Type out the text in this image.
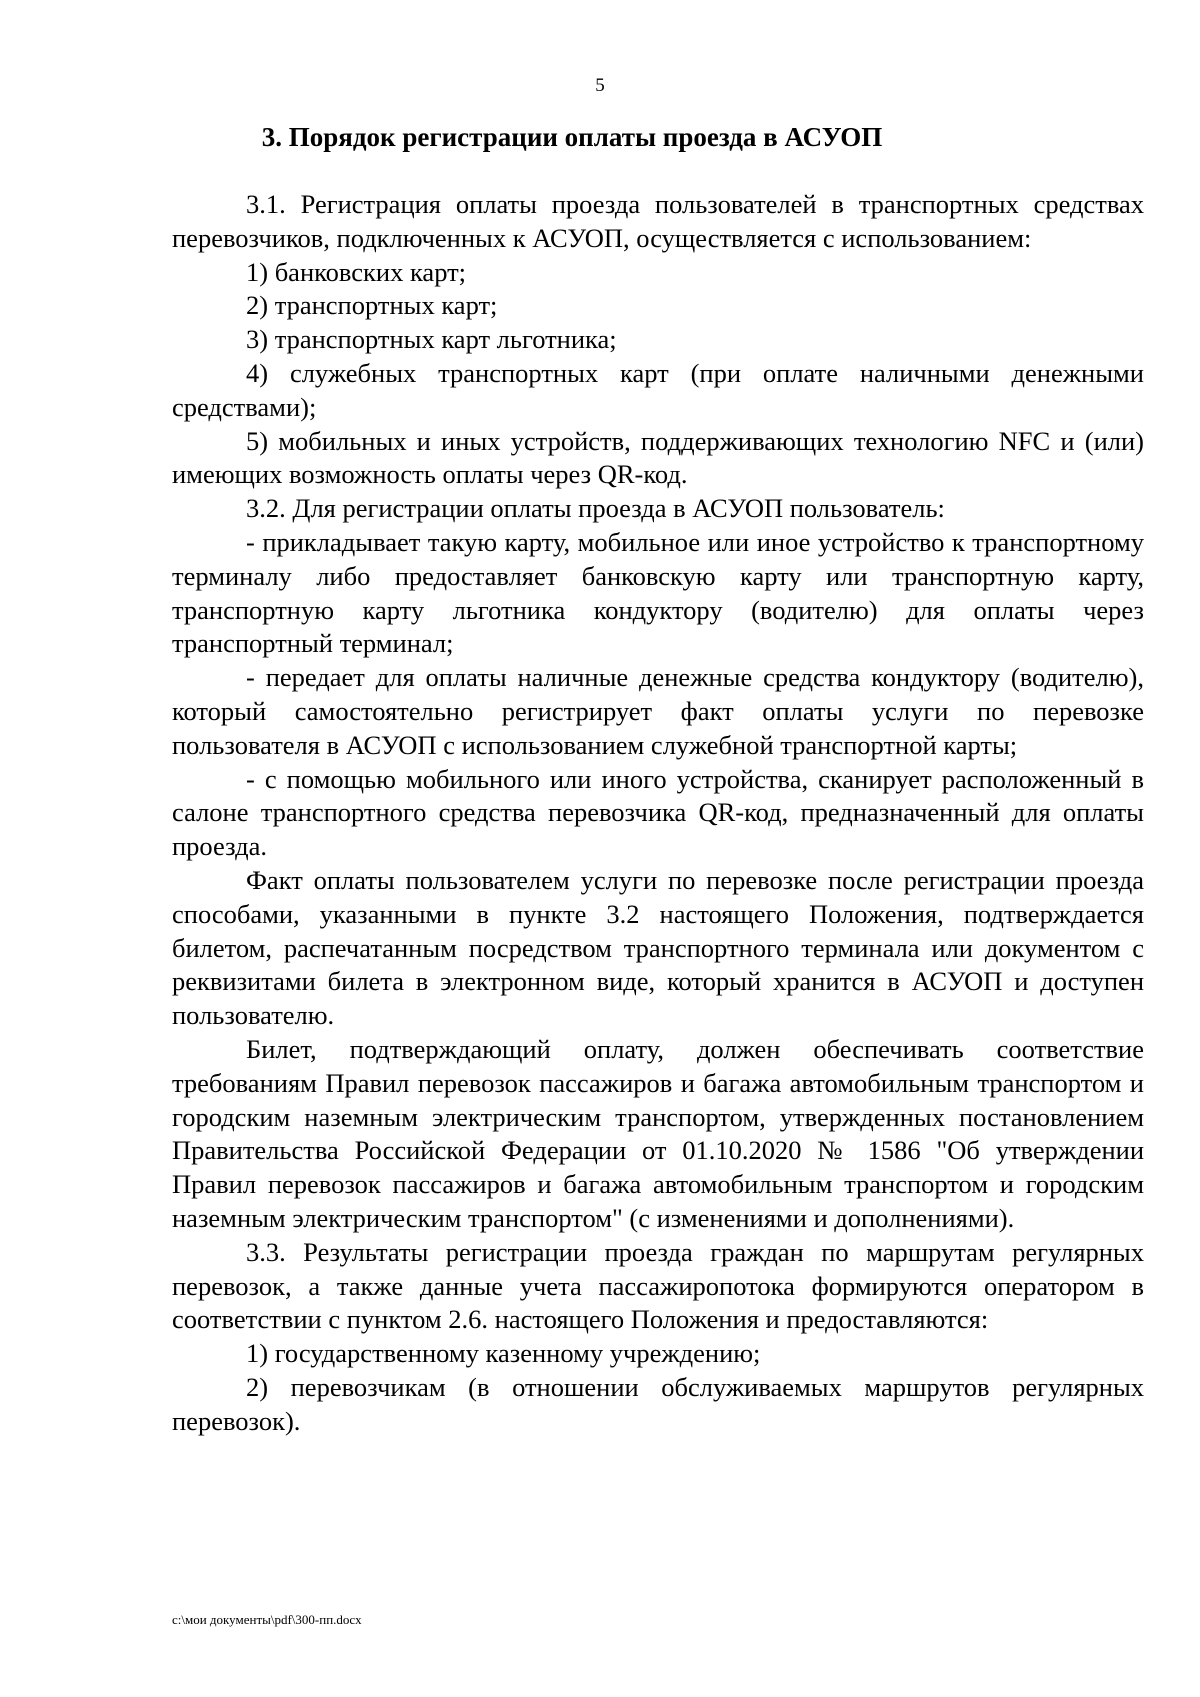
5
3. Порядок регистрации оплаты проезда в АСУОП

3.1. Регистрация оплаты проезда пользователей в транспортных средствах перевозчиков, подключенных к АСУОП, осуществляется с использованием:

1) банковских карт;

2) транспортных карт;

3) транспортных карт льготника;

4) служебных транспортных карт (при оплате наличными денежными средствами);

5) мобильных и иных устройств, поддерживающих технологию NFC и (или) имеющих возможность оплаты через QR-код.

3.2. Для регистрации оплаты проезда в АСУОП пользователь:

- прикладывает такую карту, мобильное или иное устройство к транспортному терминалу либо предоставляет банковскую карту или транспортную карту, транспортную карту льготника кондуктору (водителю) для оплаты через транспортный терминал;

- передает для оплаты наличные денежные средства кондуктору (водителю), который самостоятельно регистрирует факт оплаты услуги по перевозке пользователя в АСУОП с использованием служебной транспортной карты;

- с помощью мобильного или иного устройства, сканирует расположенный в салоне транспортного средства перевозчика QR-код, предназначенный для оплаты проезда.

Факт оплаты пользователем услуги по перевозке после регистрации проезда способами, указанными в пункте 3.2 настоящего Положения, подтверждается билетом, распечатанным посредством транспортного терминала или документом с реквизитами билета в электронном виде, который хранится в АСУОП и доступен пользователю.

Билет, подтверждающий оплату, должен обеспечивать соответствие требованиям Правил перевозок пассажиров и багажа автомобильным транспортом и городским наземным электрическим транспортом, утвержденных постановлением Правительства Российской Федерации от 01.10.2020 № 1586 "Об утверждении Правил перевозок пассажиров и багажа автомобильным транспортом и городским наземным электрическим транспортом" (с изменениями и дополнениями).

3.3. Результаты регистрации проезда граждан по маршрутам регулярных перевозок, а также данные учета пассажиропотока формируются оператором в соответствии с пунктом 2.6. настоящего Положения и предоставляются:

1) государственному казенному учреждению;

2) перевозчикам (в отношении обслуживаемых маршрутов регулярных перевозок).

c:\мои документы\pdf\300-пп.docx
